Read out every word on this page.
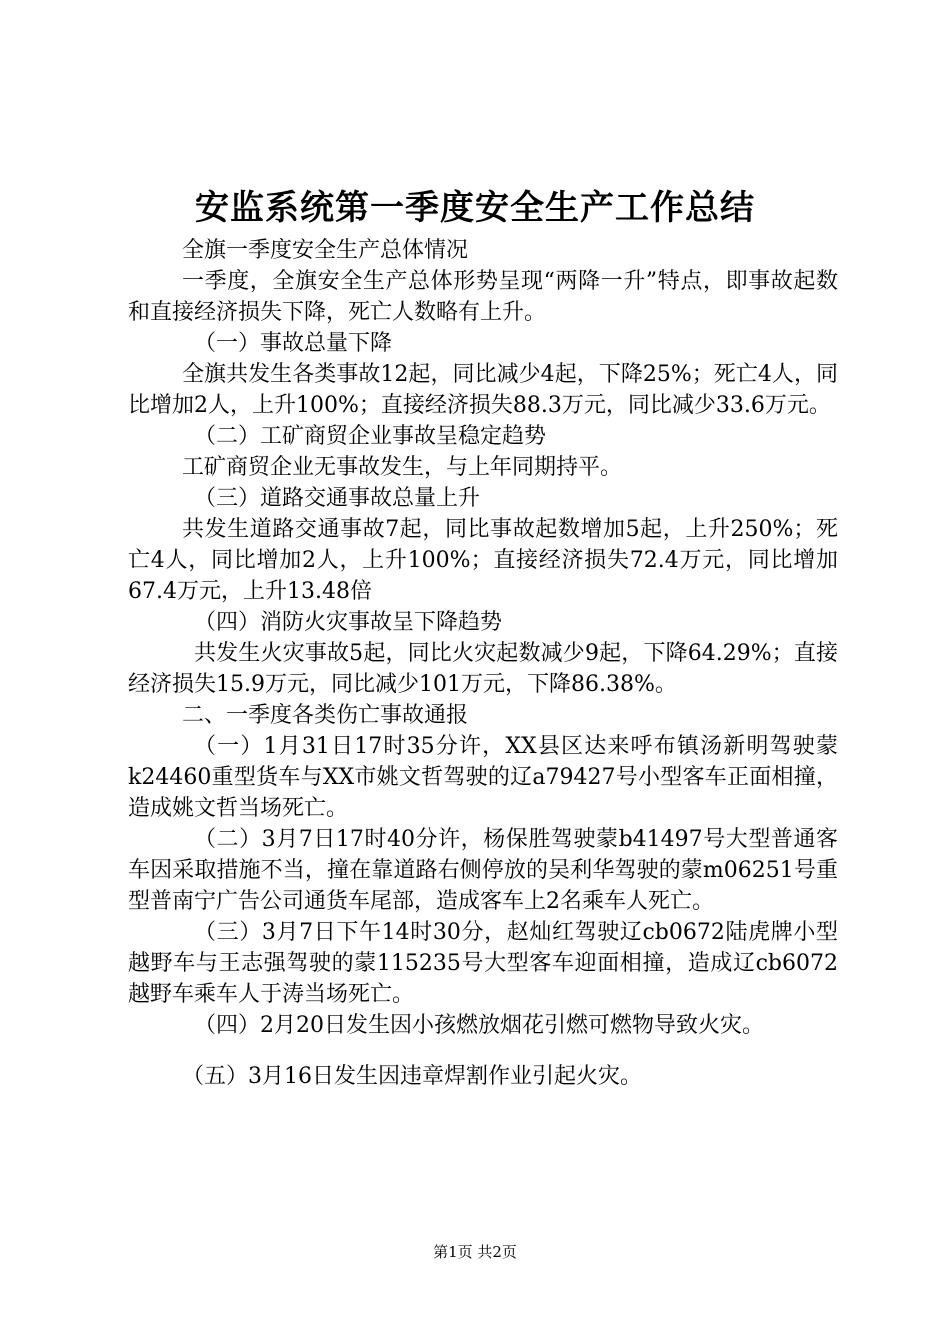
安监系统第一季度安全生产工作总结

全旗一季度安全生产总体情况

一季度，全旗安全生产总体形势呈现“两降一升”特点，即事故起数和直接经济损失下降，死亡人数略有上升。

（一）事故总量下降

全旗共发生各类事故12起，同比减少4起，下降25%；死亡4人，同比增加2人，上升100%；直接经济损失88.3万元，同比减少33.6万元。

（二）工矿商贸企业事故呈稳定趋势

工矿商贸企业无事故发生，与上年同期持平。

（三）道路交通事故总量上升

共发生道路交通事故7起，同比事故起数增加5起，上升250%；死亡4人，同比增加2人，上升100%；直接经济损失72.4万元，同比增加67.4万元，上升13.48倍

（四）消防火灾事故呈下降趋势

共发生火灾事故5起，同比火灾起数减少9起，下降64.29%；直接经济损失15.9万元，同比减少101万元，下降86.38%。

二、一季度各类伤亡事故通报

（一）1月31日17时35分许，XX县区达来呼布镇汤新明驾驶蒙k24460重型货车与XX市姚文哲驾驶的辽a79427号小型客车正面相撞，造成姚文哲当场死亡。

（二）3月7日17时40分许，杨保胜驾驶蒙b41497号大型普通客车因采取措施不当，撞在靠道路右侧停放的吴利华驾驶的蒙m06251号重型普南宁广告公司通货车尾部，造成客车上2名乘车人死亡。

（三）3月7日下午14时30分，赵灿红驾驶辽cb0672陆虎牌小型越野车与王志强驾驶的蒙115235号大型客车迎面相撞，造成辽cb6072越野车乘车人于涛当场死亡。

（四）2月20日发生因小孩燃放烟花引燃可燃物导致火灾。

（五）3月16日发生因违章焊割作业引起火灾。

第1页 共2页
